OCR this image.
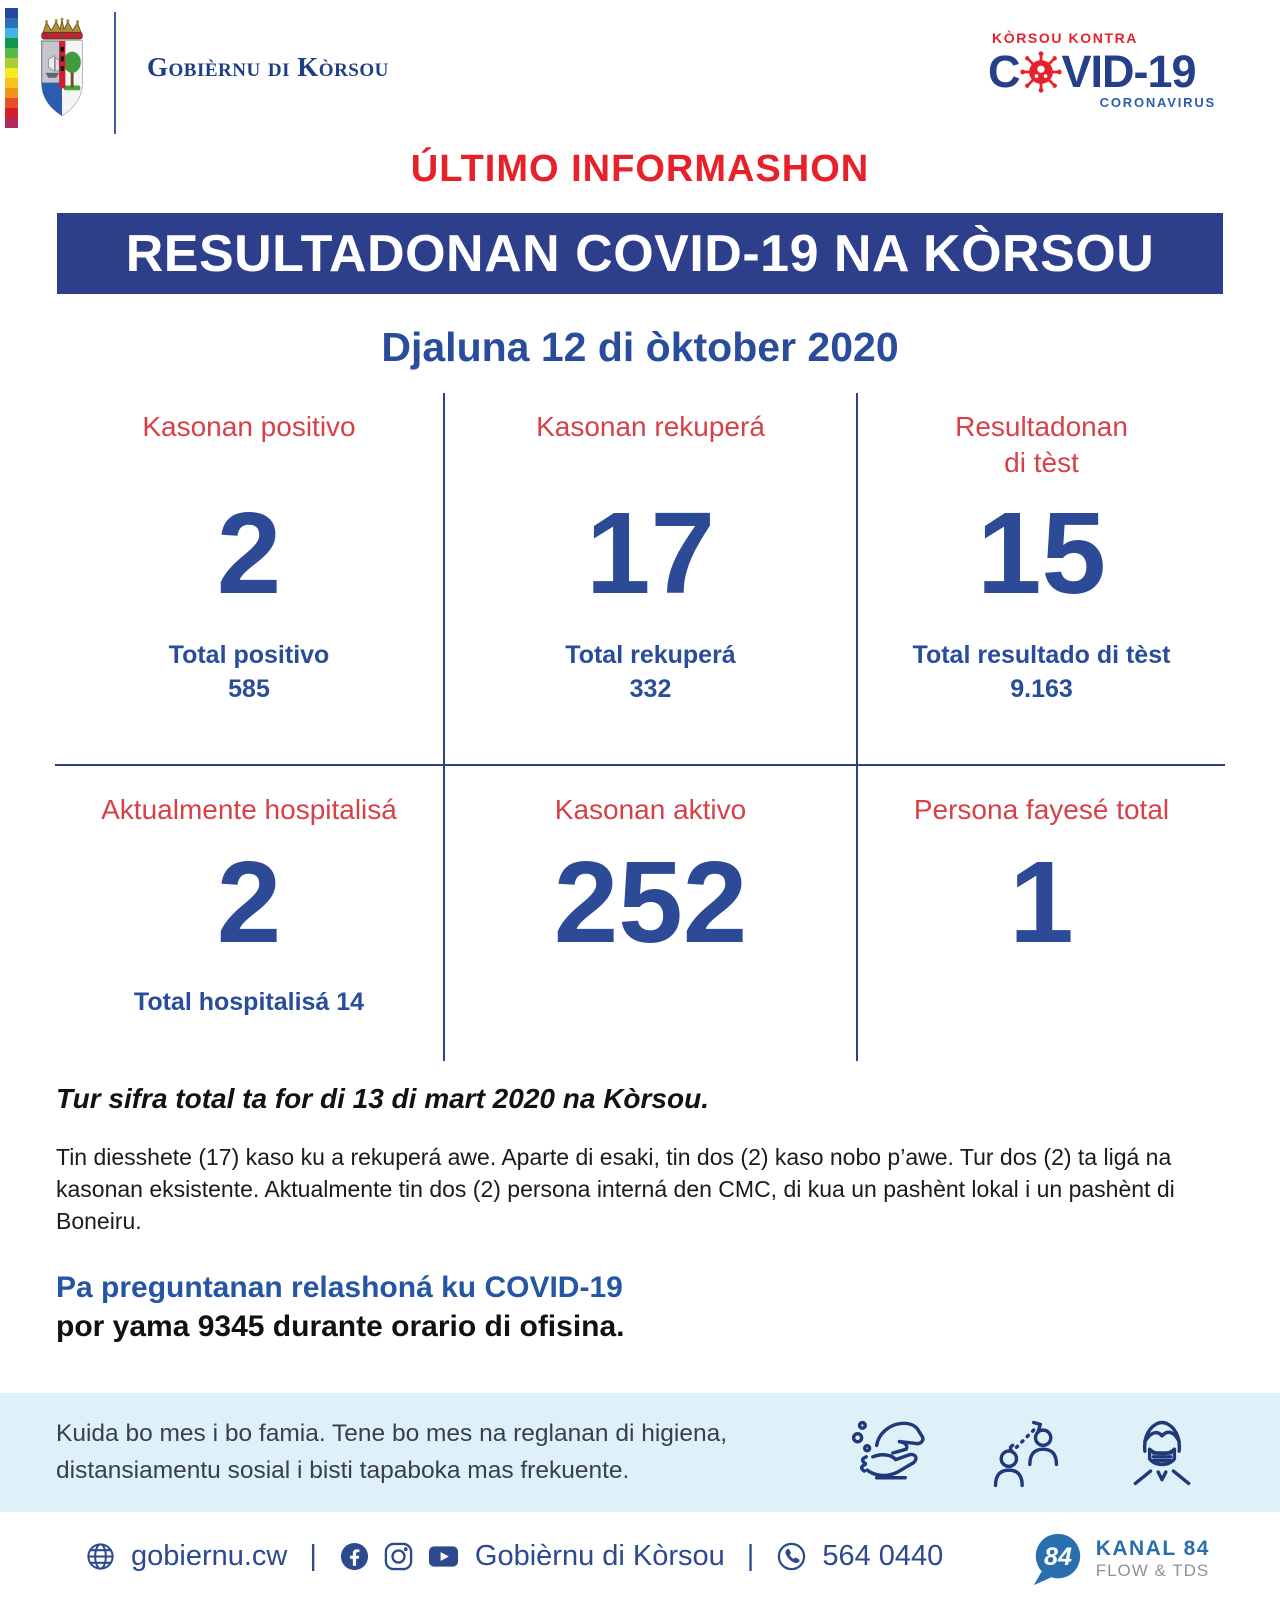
Gobièrnu di Kòrsou
KÒRSOU KONTRA
C VID-19
CORONAVIRUS
ÚLTIMO INFORMASHON
RESULTADONAN COVID-19 NA KÒRSOU
Djaluna 12 di òktober 2020
Kasonan positivo
2
Total positivo
585
Kasonan rekuperá
17
Total rekuperá
332
Resultadonan
di tèst
15
Total resultado di tèst
9.163
Aktualmente hospitalisá
2
Total hospitalisá 14
Kasonan aktivo
252
Persona fayesé total
1
Tur sifra total ta for di 13 di mart 2020 na Kòrsou.
Tin diesshete (17) kaso ku a rekuperá awe. Aparte di esaki, tin dos (2) kaso nobo p’awe. Tur dos (2) ta ligá na kasonan eksistente. Aktualmente tin dos (2) persona interná den CMC, di kua un pashènt lokal i un pashènt di Boneiru.
Pa preguntanan relashoná ku COVID-19
por yama 9345 durante orario di ofisina.
Kuida bo mes i bo famia. Tene bo mes na reglanan di higiena,
distansiamentu sosial i bisti tapaboka mas frekuente.
gobiernu.cw |	Gobièrnu di Kòrsou | 564 0440	84 KANAL 84
FLOW & TDS
